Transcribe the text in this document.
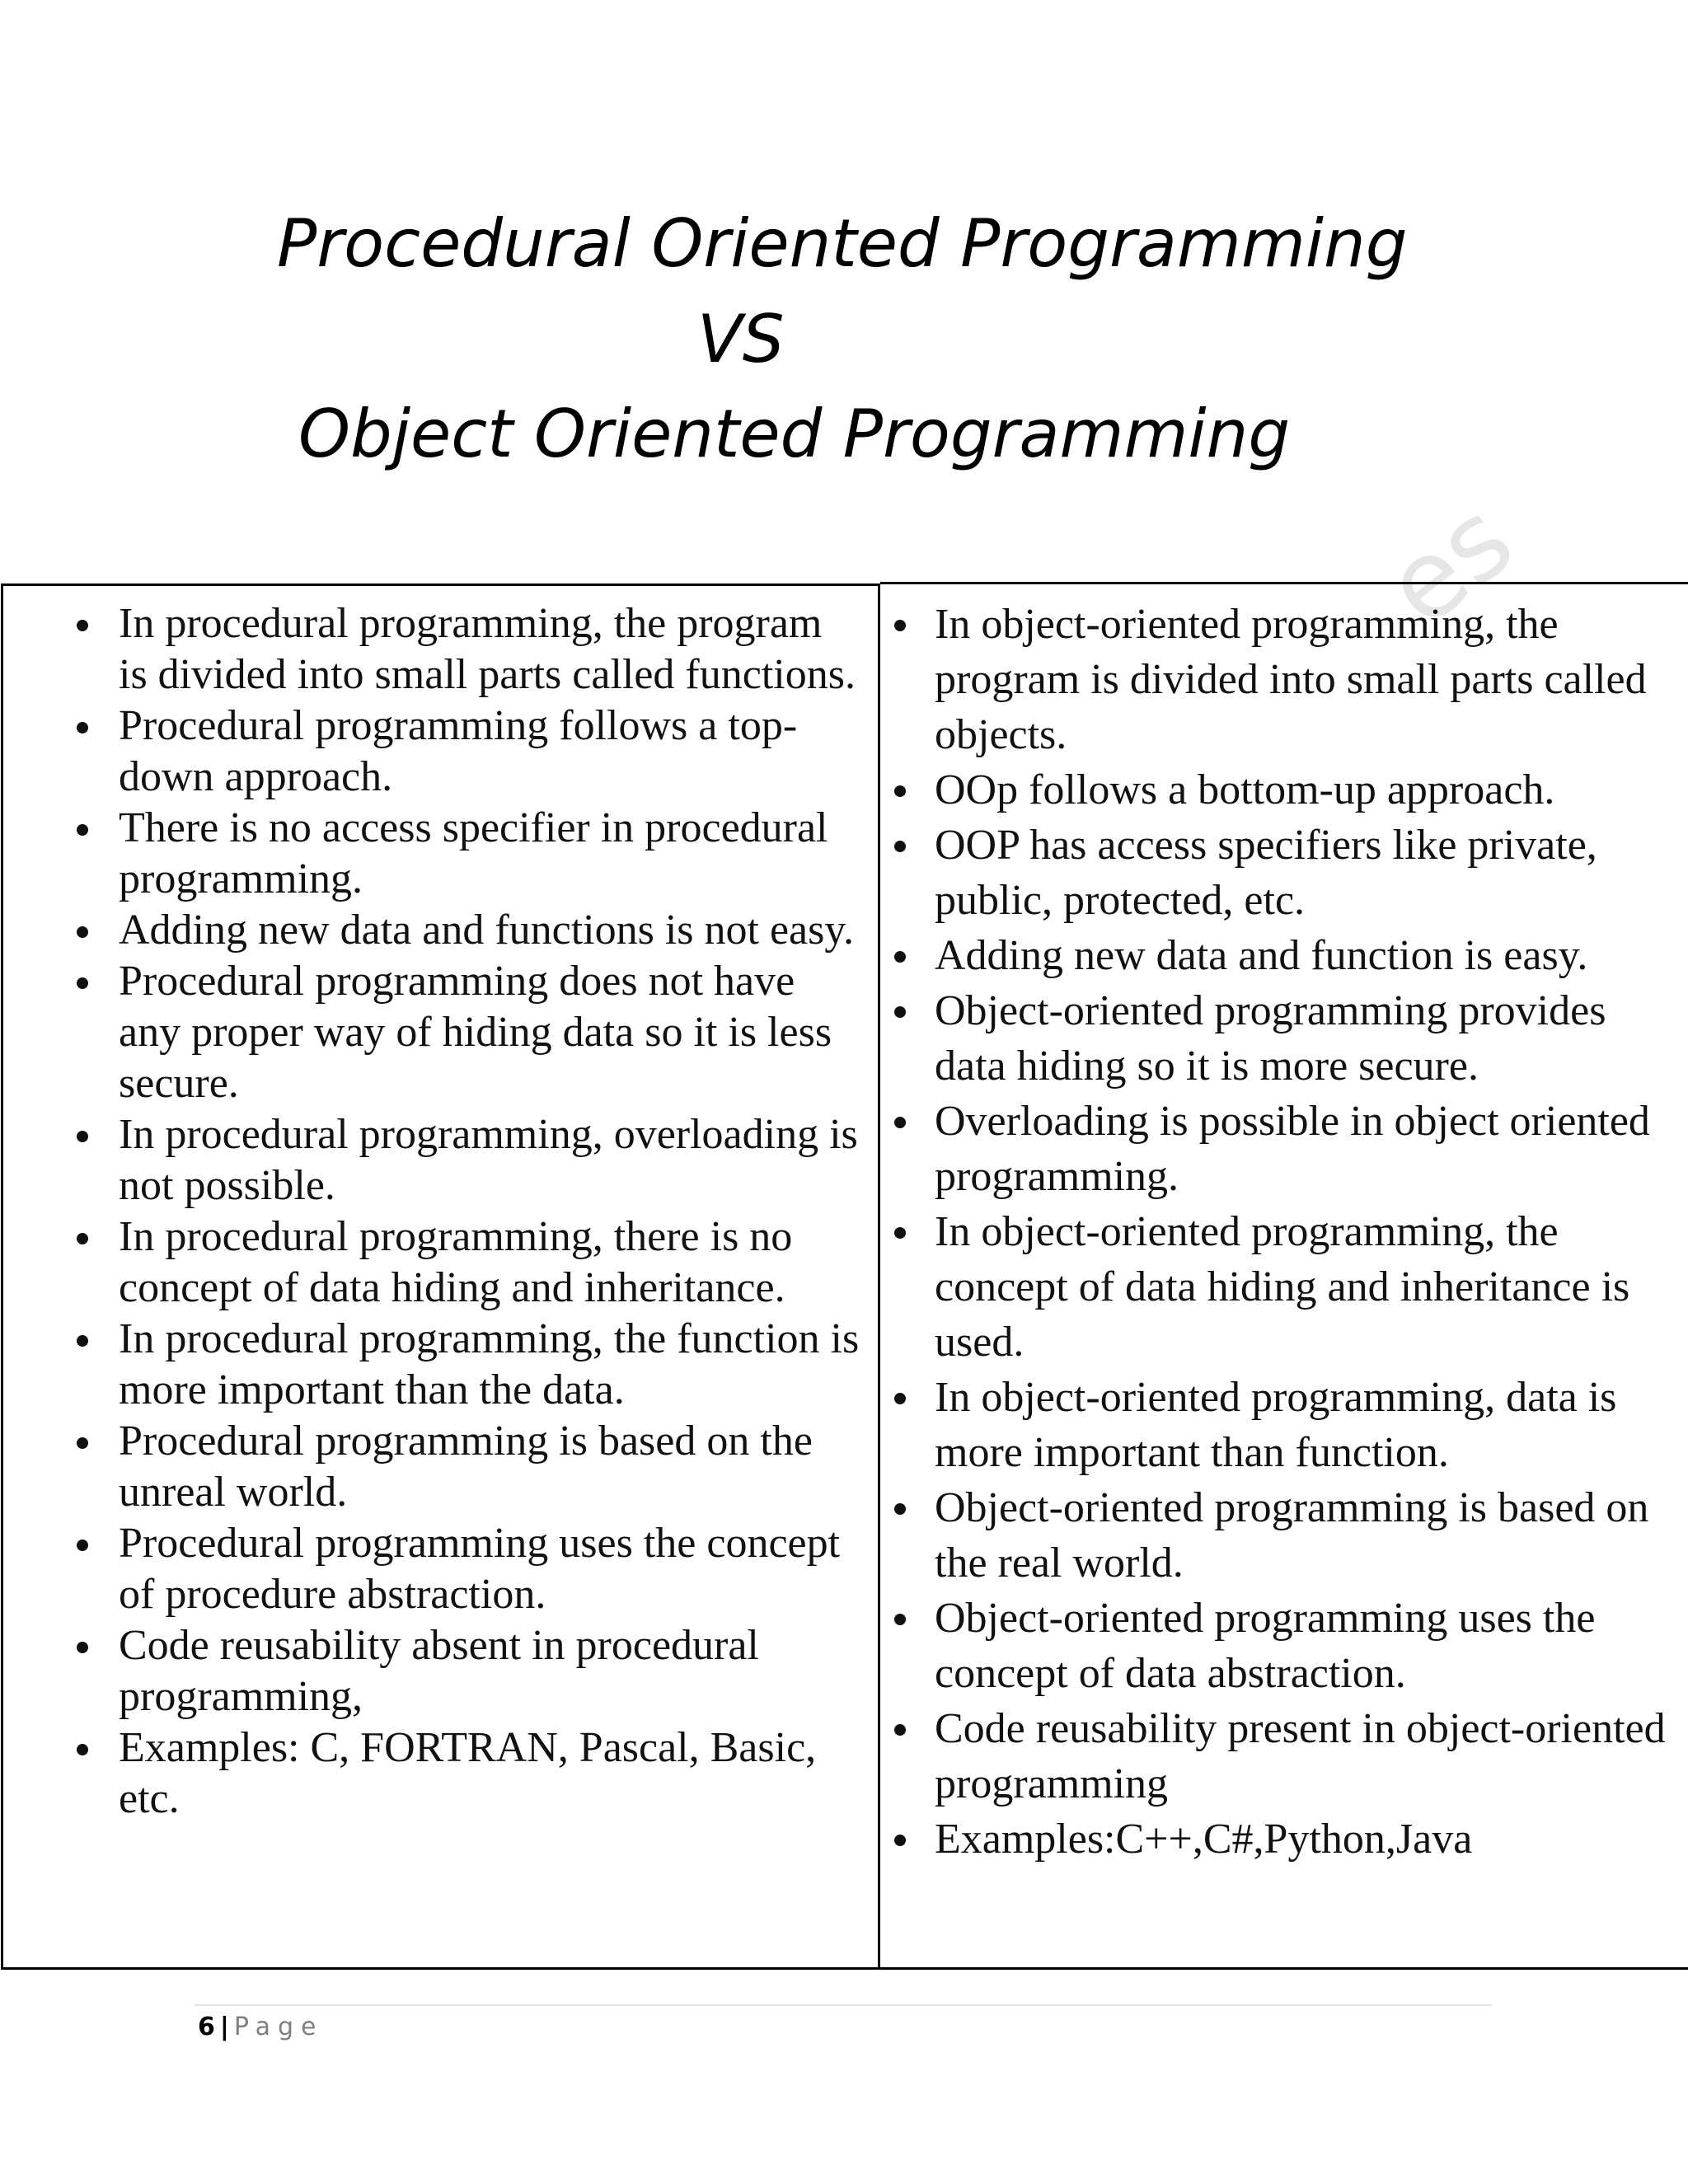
Procedural Oriented Programming
VS
Object Oriented Programming
es
In procedural programming, the program is divided into small parts called functions.
Procedural programming follows a top-down approach.
There is no access specifier in procedural programming.
Adding new data and functions is not easy.
Procedural programming does not have any proper way of hiding data so it is less secure.
In procedural programming, overloading is not possible.
In procedural programming, there is no concept of data hiding and inheritance.
In procedural programming, the function is more important than the data.
Procedural programming is based on the unreal world.
Procedural programming uses the concept of procedure abstraction.
Code reusability absent in procedural programming,
Examples: C, FORTRAN, Pascal, Basic, etc.
In object-oriented programming, the program is divided into small parts called objects.
OOp follows a bottom-up approach.
OOP has access specifiers like private, public, protected, etc.
Adding new data and function is easy.
Object-oriented programming provides data hiding so it is more secure.
Overloading is possible in object oriented programming.
In object-oriented programming, the concept of data hiding and inheritance is used.
In object-oriented programming, data is more important than function.
Object-oriented programming is based on the real world.
Object-oriented programming uses the concept of data abstraction.
Code reusability present in object-oriented programming
Examples:C++,C#,Python,Java
6 | Page
